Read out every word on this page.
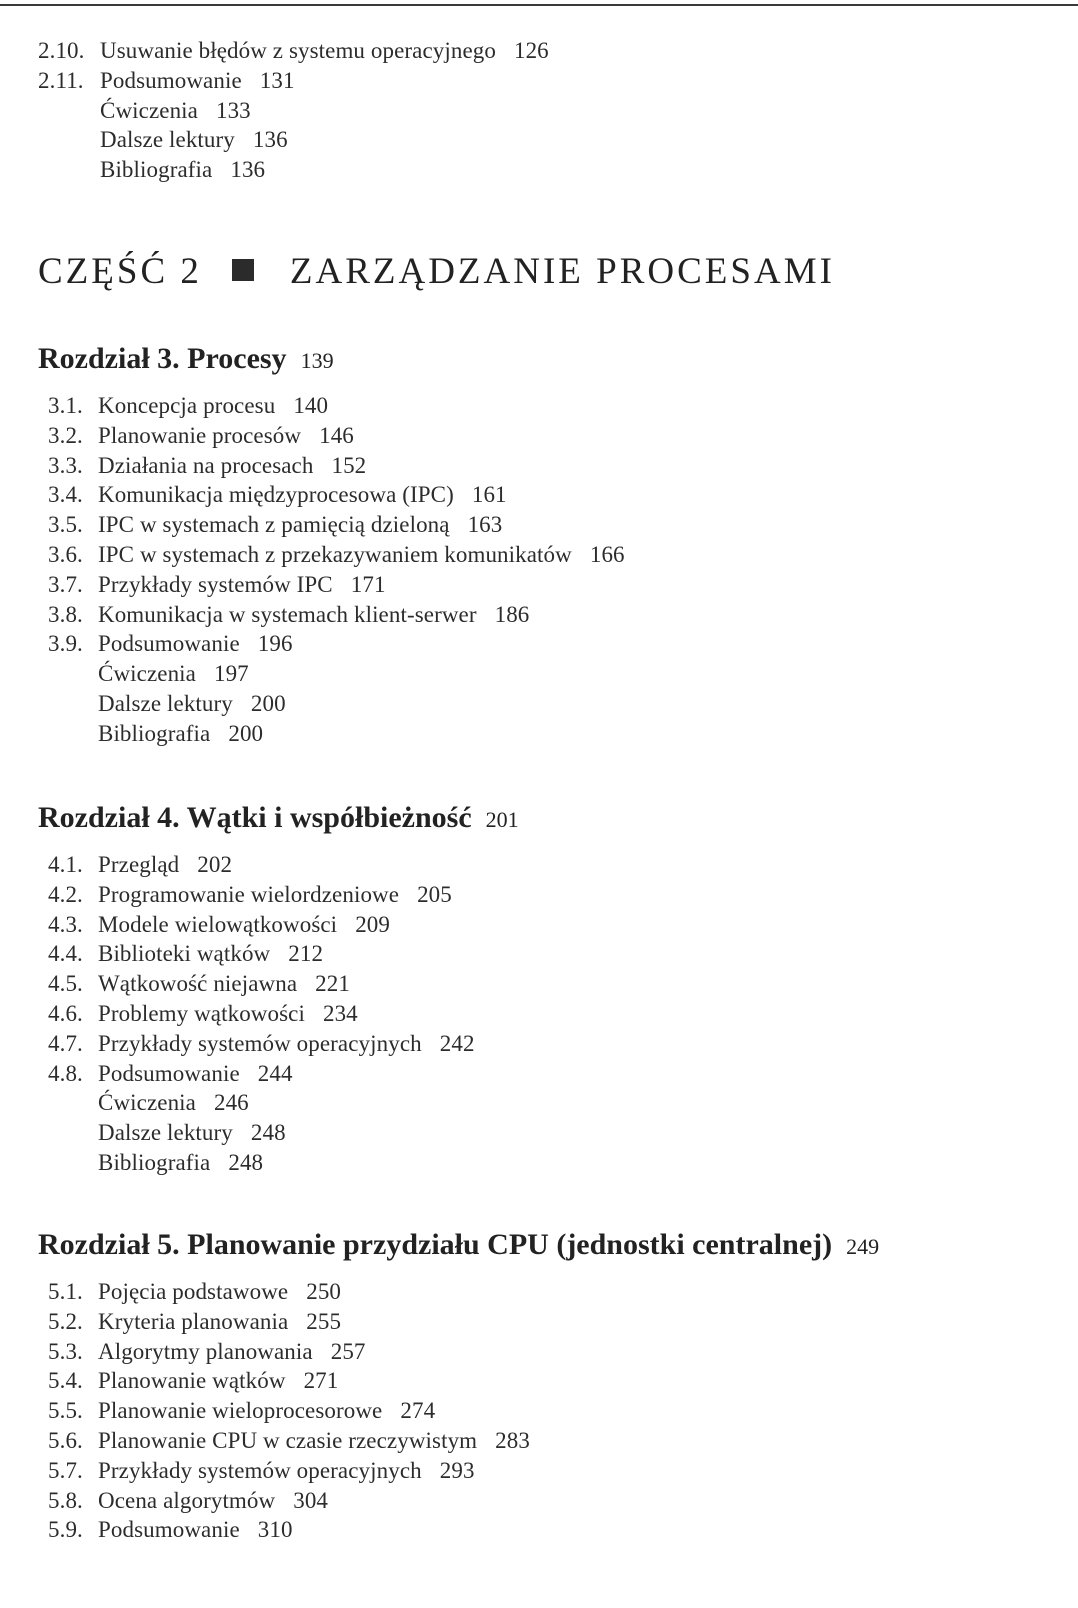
CZĘŚĆ 2 ZARZĄDZANIE PROCESAMI
2.10. Usuwanie błędów z systemu operacyjnego 126
2.11. Podsumowanie 131
Ćwiczenia 133
Dalsze lektury 136
Bibliografia 136
Rozdział 3. Procesy 139
3.1. Koncepcja procesu 140
3.2. Planowanie procesów 146
3.3. Działania na procesach 152
3.4. Komunikacja międzyprocesowa (IPC) 161
3.5. IPC w systemach z pamięcią dzieloną 163
3.6. IPC w systemach z przekazywaniem komunikatów 166
3.7. Przykłady systemów IPC 171
3.8. Komunikacja w systemach klient-serwer 186
3.9. Podsumowanie 196
Ćwiczenia 197
Dalsze lektury 200
Bibliografia 200
Rozdział 4. Wątki i współbieżność 201
4.1. Przegląd 202
4.2. Programowanie wielordzeniowe 205
4.3. Modele wielowątkowości 209
4.4. Biblioteki wątków 212
4.5. Wątkowość niejawna 221
4.6. Problemy wątkowości 234
4.7. Przykłady systemów operacyjnych 242
4.8. Podsumowanie 244
Ćwiczenia 246
Dalsze lektury 248
Bibliografia 248
Rozdział 5. Planowanie przydziału CPU (jednostki centralnej) 249
5.1. Pojęcia podstawowe 250
5.2. Kryteria planowania 255
5.3. Algorytmy planowania 257
5.4. Planowanie wątków 271
5.5. Planowanie wieloprocesorowe 274
5.6. Planowanie CPU w czasie rzeczywistym 283
5.7. Przykłady systemów operacyjnych 293
5.8. Ocena algorytmów 304
5.9. Podsumowanie 310
